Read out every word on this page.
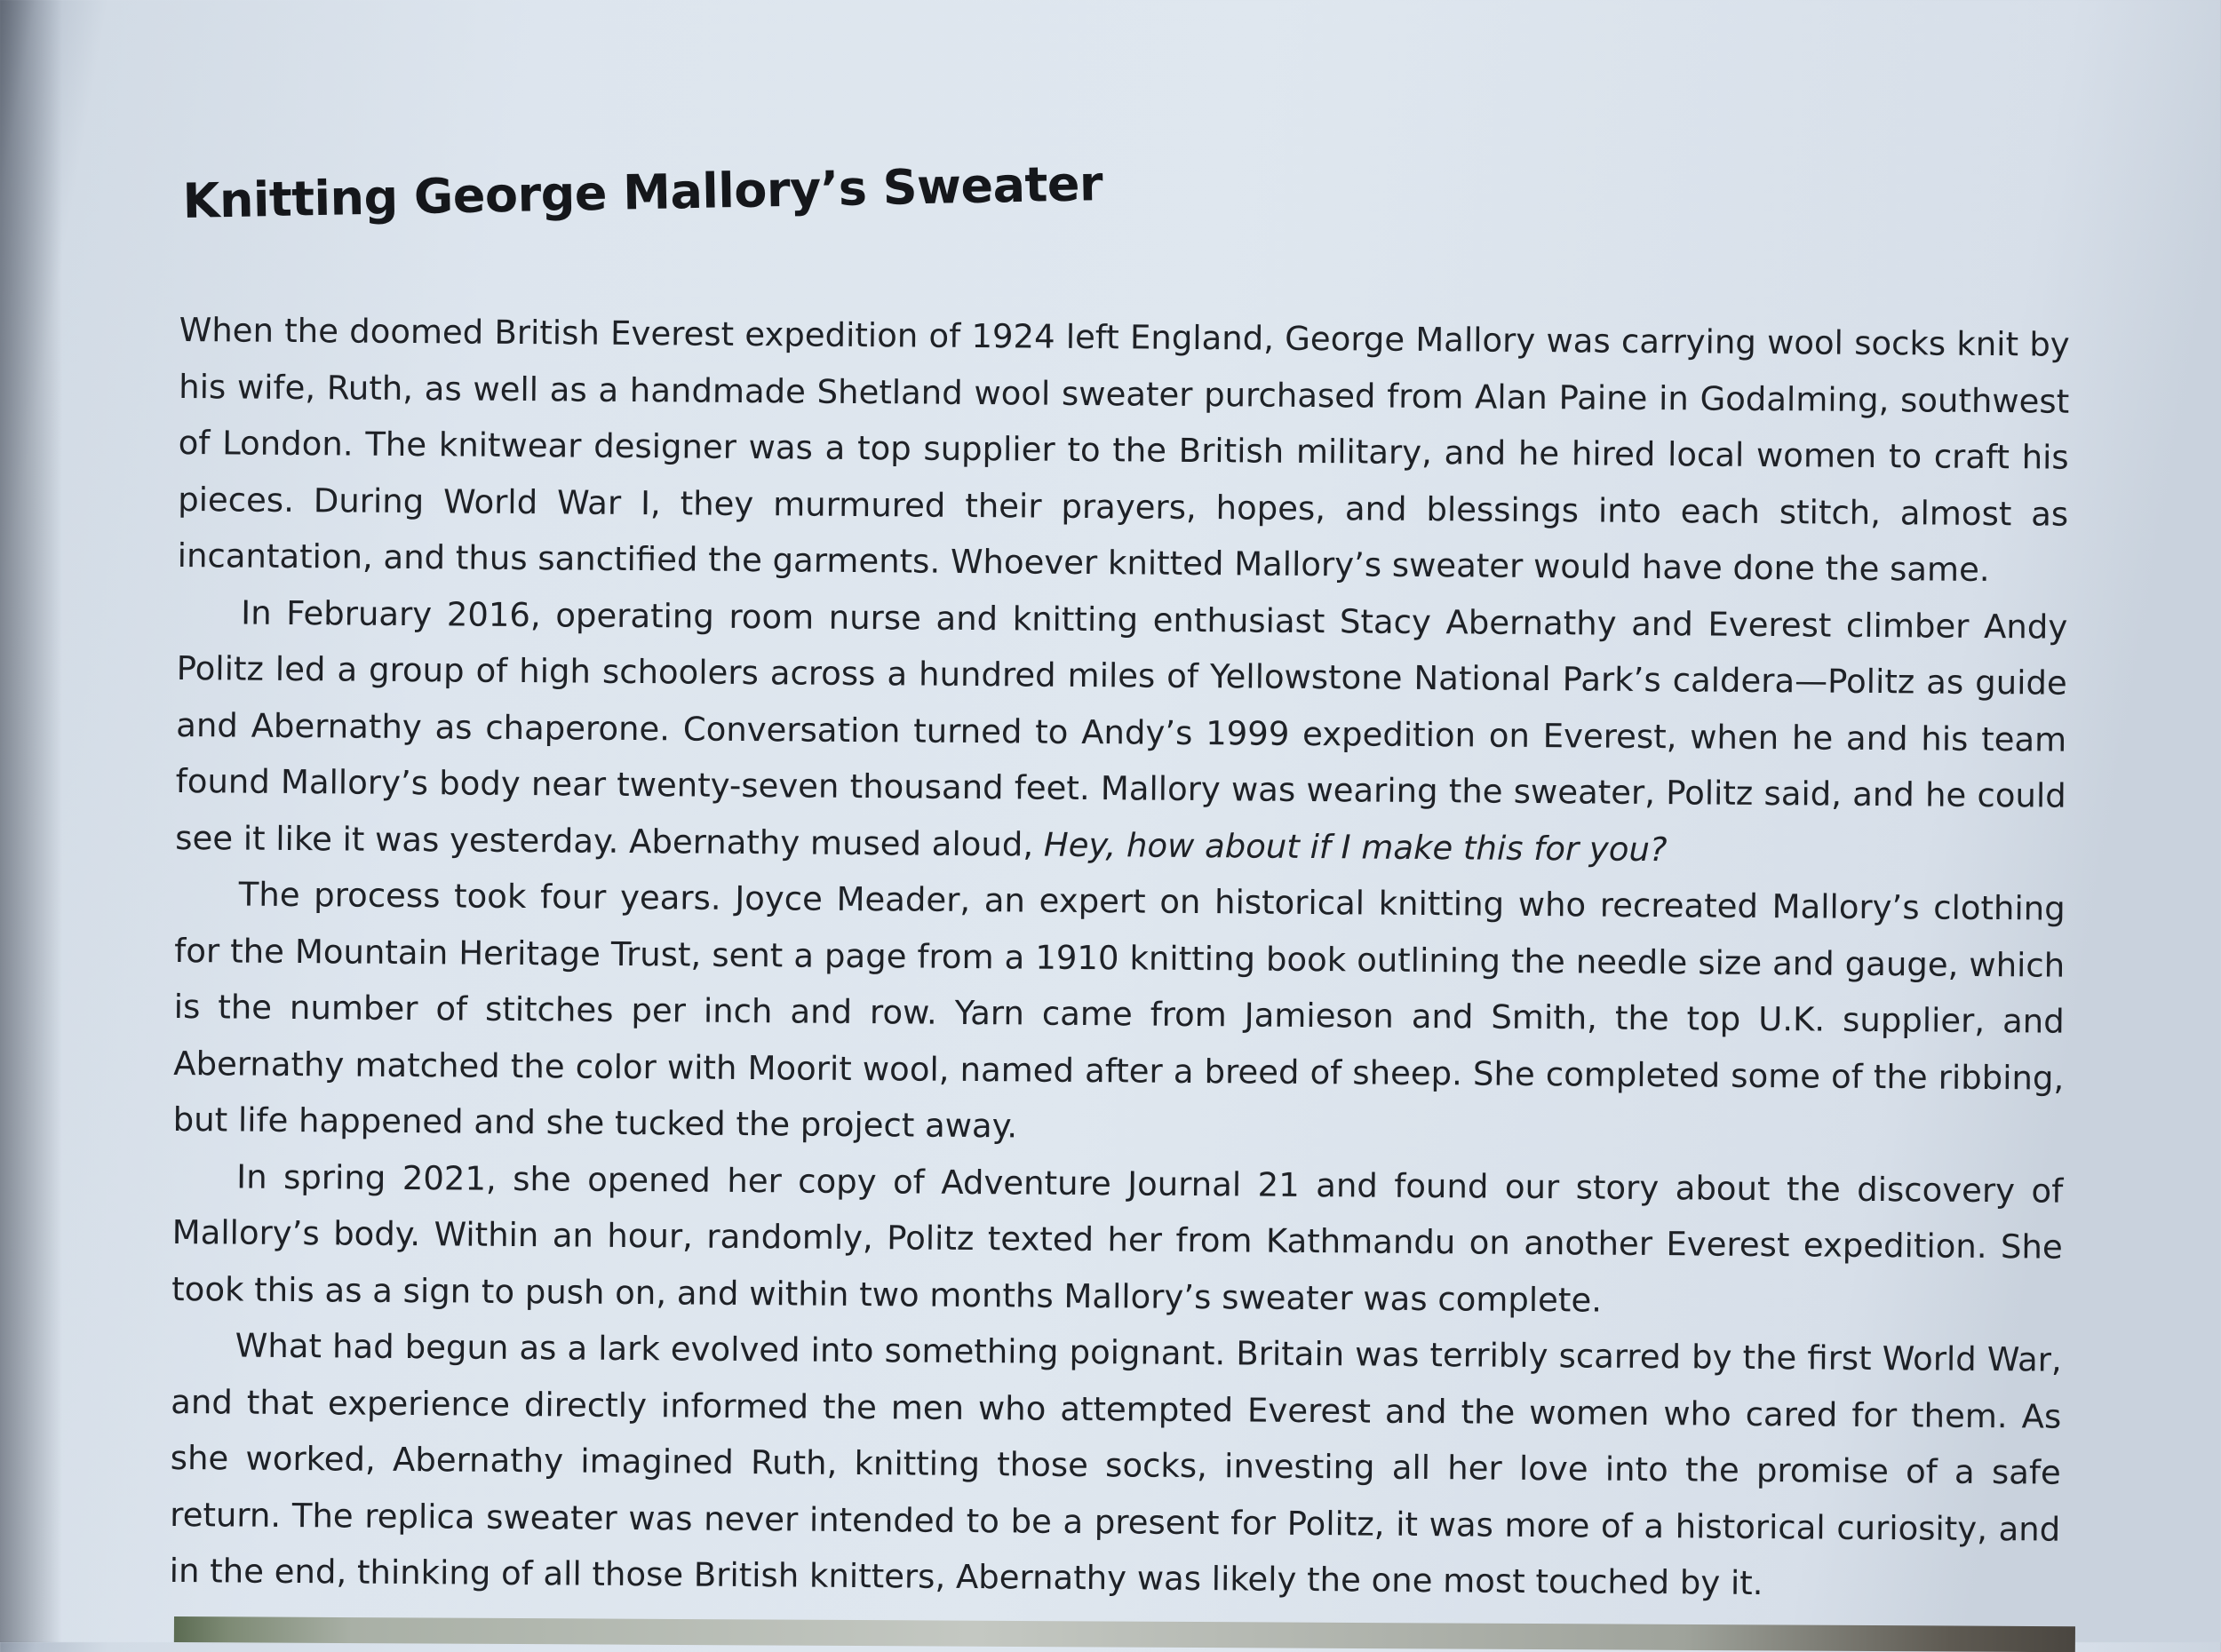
Knitting George Mallory’s Sweater

When the doomed British Everest expedition of 1924 left England, George Mallory was carrying wool socks knit by his wife, Ruth, as well as a handmade Shetland wool sweater purchased from Alan Paine in Godalming, southwest of London. The knitwear designer was a top supplier to the British military, and he hired local women to craft his pieces. During World War I, they murmured their prayers, hopes, and blessings into each stitch, almost as incantation, and thus sanctified the garments. Whoever knitted Mallory’s sweater would have done the same.

In February 2016, operating room nurse and knitting enthusiast Stacy Abernathy and Everest climber Andy Politz led a group of high schoolers across a hundred miles of Yellowstone National Park’s caldera—Politz as guide and Abernathy as chaperone. Conversation turned to Andy’s 1999 expedition on Everest, when he and his team found Mallory’s body near twenty-seven thousand feet. Mallory was wearing the sweater, Politz said, and he could see it like it was yesterday. Abernathy mused aloud, Hey, how about if I make this for you?

The process took four years. Joyce Meader, an expert on historical knitting who recreated Mallory’s clothing for the Mountain Heritage Trust, sent a page from a 1910 knitting book outlining the needle size and gauge, which is the number of stitches per inch and row. Yarn came from Jamieson and Smith, the top U.K. supplier, and Abernathy matched the color with Moorit wool, named after a breed of sheep. She completed some of the ribbing, but life happened and she tucked the project away.

In spring 2021, she opened her copy of Adventure Journal 21 and found our story about the discovery of Mallory’s body. Within an hour, randomly, Politz texted her from Kathmandu on another Everest expedition. She took this as a sign to push on, and within two months Mallory’s sweater was complete.

What had begun as a lark evolved into something poignant. Britain was terribly scarred by the first World War, and that experience directly informed the men who attempted Everest and the women who cared for them. As she worked, Abernathy imagined Ruth, knitting those socks, investing all her love into the promise of a safe return. The replica sweater was never intended to be a present for Politz, it was more of a historical curiosity, and in the end, thinking of all those British knitters, Abernathy was likely the one most touched by it.
